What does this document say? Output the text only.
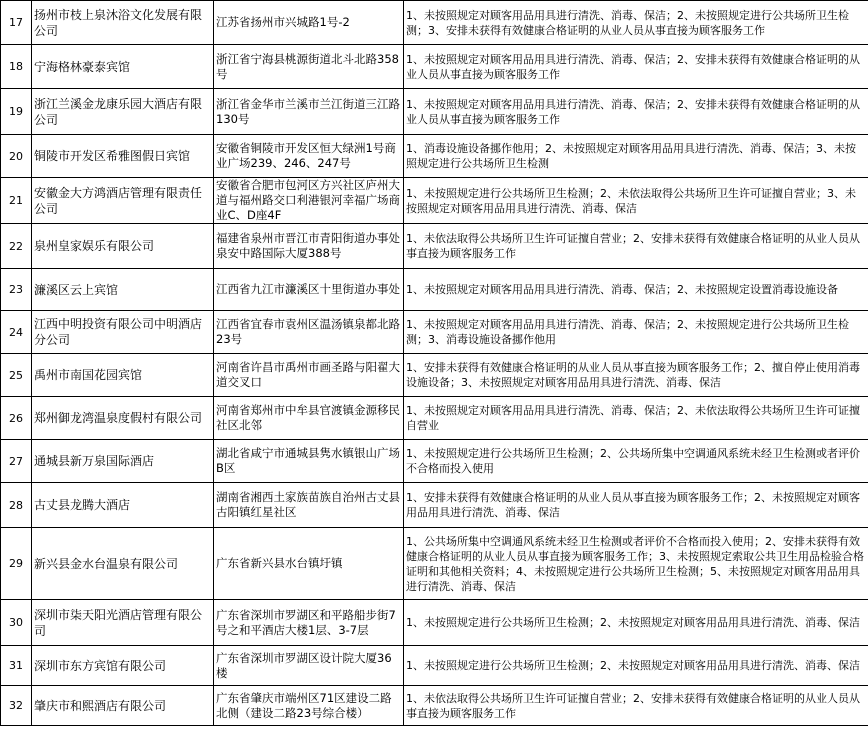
17	扬州市枝上泉沐浴文化发展有限公司	江苏省扬州市兴城路1号-2	1、未按照规定对顾客用品用具进行清洗、消毒、保洁；2、未按照规定进行公共场所卫生检测；3、安排未获得有效健康合格证明的从业人员从事直接为顾客服务工作
18	宁海格林豪泰宾馆	浙江省宁海县桃源街道北斗北路358号	1、未按照规定对顾客用品用具进行清洗、消毒、保洁；2、安排未获得有效健康合格证明的从业人员从事直接为顾客服务工作
19	浙江兰溪金龙康乐园大酒店有限公司	浙江省金华市兰溪市兰江街道三江路130号	1、未按照规定对顾客用品用具进行清洗、消毒、保洁；2、安排未获得有效健康合格证明的从业人员从事直接为顾客服务工作
20	铜陵市开发区希雅图假日宾馆	安徽省铜陵市开发区恒大绿洲1号商业广场239、246、247号	1、消毒设施设备挪作他用；2、未按照规定对顾客用品用具进行清洗、消毒、保洁；3、未按照规定进行公共场所卫生检测
21	安徽金大方鸿酒店管理有限责任公司	安徽省合肥市包河区方兴社区庐州大道与福州路交口利港银河幸福广场商业C、D座4F	1、未按照规定进行公共场所卫生检测；2、未依法取得公共场所卫生许可证擅自营业；3、未按照规定对顾客用品用具进行清洗、消毒、保洁
22	泉州皇家娱乐有限公司	福建省泉州市晋江市青阳街道办事处泉安中路国际大厦388号	1、未依法取得公共场所卫生许可证擅自营业；2、安排未获得有效健康合格证明的从业人员从事直接为顾客服务工作
23	濂溪区云上宾馆	江西省九江市濂溪区十里街道办事处	1、未按照规定对顾客用品用具进行清洗、消毒、保洁；2、未按照规定设置消毒设施设备
24	江西中明投资有限公司中明酒店分公司	江西省宜春市袁州区温汤镇泉都北路23号	1、未按照规定对顾客用品用具进行清洗、消毒、保洁；2、未按照规定进行公共场所卫生检测；3、消毒设施设备挪作他用
25	禹州市南国花园宾馆	河南省许昌市禹州市画圣路与阳翟大道交叉口	1、安排未获得有效健康合格证明的从业人员从事直接为顾客服务工作；2、擅自停止使用消毒设施设备；3、未按照规定对顾客用品用具进行清洗、消毒、保洁
26	郑州御龙湾温泉度假村有限公司	河南省郑州市中牟县官渡镇金源移民社区北邻	1、未按照规定对顾客用品用具进行清洗、消毒、保洁；2、未依法取得公共场所卫生许可证擅自营业
27	通城县新万泉国际酒店	湖北省咸宁市通城县隽水镇银山广场B区	1、未按照规定进行公共场所卫生检测；2、公共场所集中空调通风系统未经卫生检测或者评价不合格而投入使用
28	古丈县龙腾大酒店	湖南省湘西土家族苗族自治州古丈县古阳镇红星社区	1、安排未获得有效健康合格证明的从业人员从事直接为顾客服务工作；2、未按照规定对顾客用品用具进行清洗、消毒、保洁
29	新兴县金水台温泉有限公司	广东省新兴县水台镇圩镇	1、公共场所集中空调通风系统未经卫生检测或者评价不合格而投入使用；2、安排未获得有效健康合格证明的从业人员从事直接为顾客服务工作；3、未按照规定索取公共卫生用品检验合格证明和其他相关资料；4、未按照规定进行公共场所卫生检测；5、未按照规定对顾客用品用具进行清洗、消毒、保洁
30	深圳市柒天阳光酒店管理有限公司	广东省深圳市罗湖区和平路船步街7号之和平酒店大楼1层、3-7层	1、未按照规定进行公共场所卫生检测；2、未按照规定对顾客用品用具进行清洗、消毒、保洁
31	深圳市东方宾馆有限公司	广东省深圳市罗湖区设计院大厦36楼	1、未按照规定进行公共场所卫生检测；2、未按照规定对顾客用品用具进行清洗、消毒、保洁
32	肇庆市和熙酒店有限公司	广东省肇庆市端州区71区建设二路北侧（建设二路23号综合楼）	1、未依法取得公共场所卫生许可证擅自营业；2、安排未获得有效健康合格证明的从业人员从事直接为顾客服务工作
